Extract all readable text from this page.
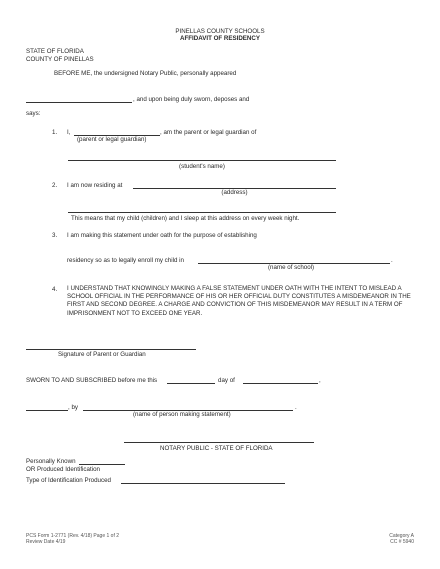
PINELLAS COUNTY SCHOOLS
AFFIDAVIT OF RESIDENCY
STATE OF FLORIDA
COUNTY OF PINELLAS
BEFORE ME, the undersigned Notary Public, personally appeared
, and upon being duly sworn, deposes and
says:
1. I,	, am the parent or legal guardian of
(parent or legal guardian)
(student's name)
2. I am now residing at
(address)
This means that my child (children) and I sleep at this address on every week night.
3. I am making this statement under oath for the purpose of establishing
residency so as to legally enroll my child in	.
(name of school)
4. I UNDERSTAND THAT KNOWINGLY MAKING A FALSE STATEMENT UNDER OATH WITH THE INTENT TO MISLEAD A SCHOOL OFFICIAL IN THE PERFORMANCE OF HIS OR HER OFFICIAL DUTY CONSTITUTES A MISDEMEANOR IN THE FIRST AND SECOND DEGREE. A CHARGE AND CONVICTION OF THIS MISDEMEANOR MAY RESULT IN A TERM OF IMPRISONMENT NOT TO EXCEED ONE YEAR.
Signature of Parent or Guardian
SWORN TO AND SUBSCRIBED before me this	day of	,
, by	.
(name of person making statement)
NOTARY PUBLIC - STATE OF FLORIDA
Personally Known
OR Produced Identification
Type of Identification Produced
PCS Form 1-2771 (Rev. 4/18) Page 1 of 2
Review Date 4/19
Category A
CC # 5940
